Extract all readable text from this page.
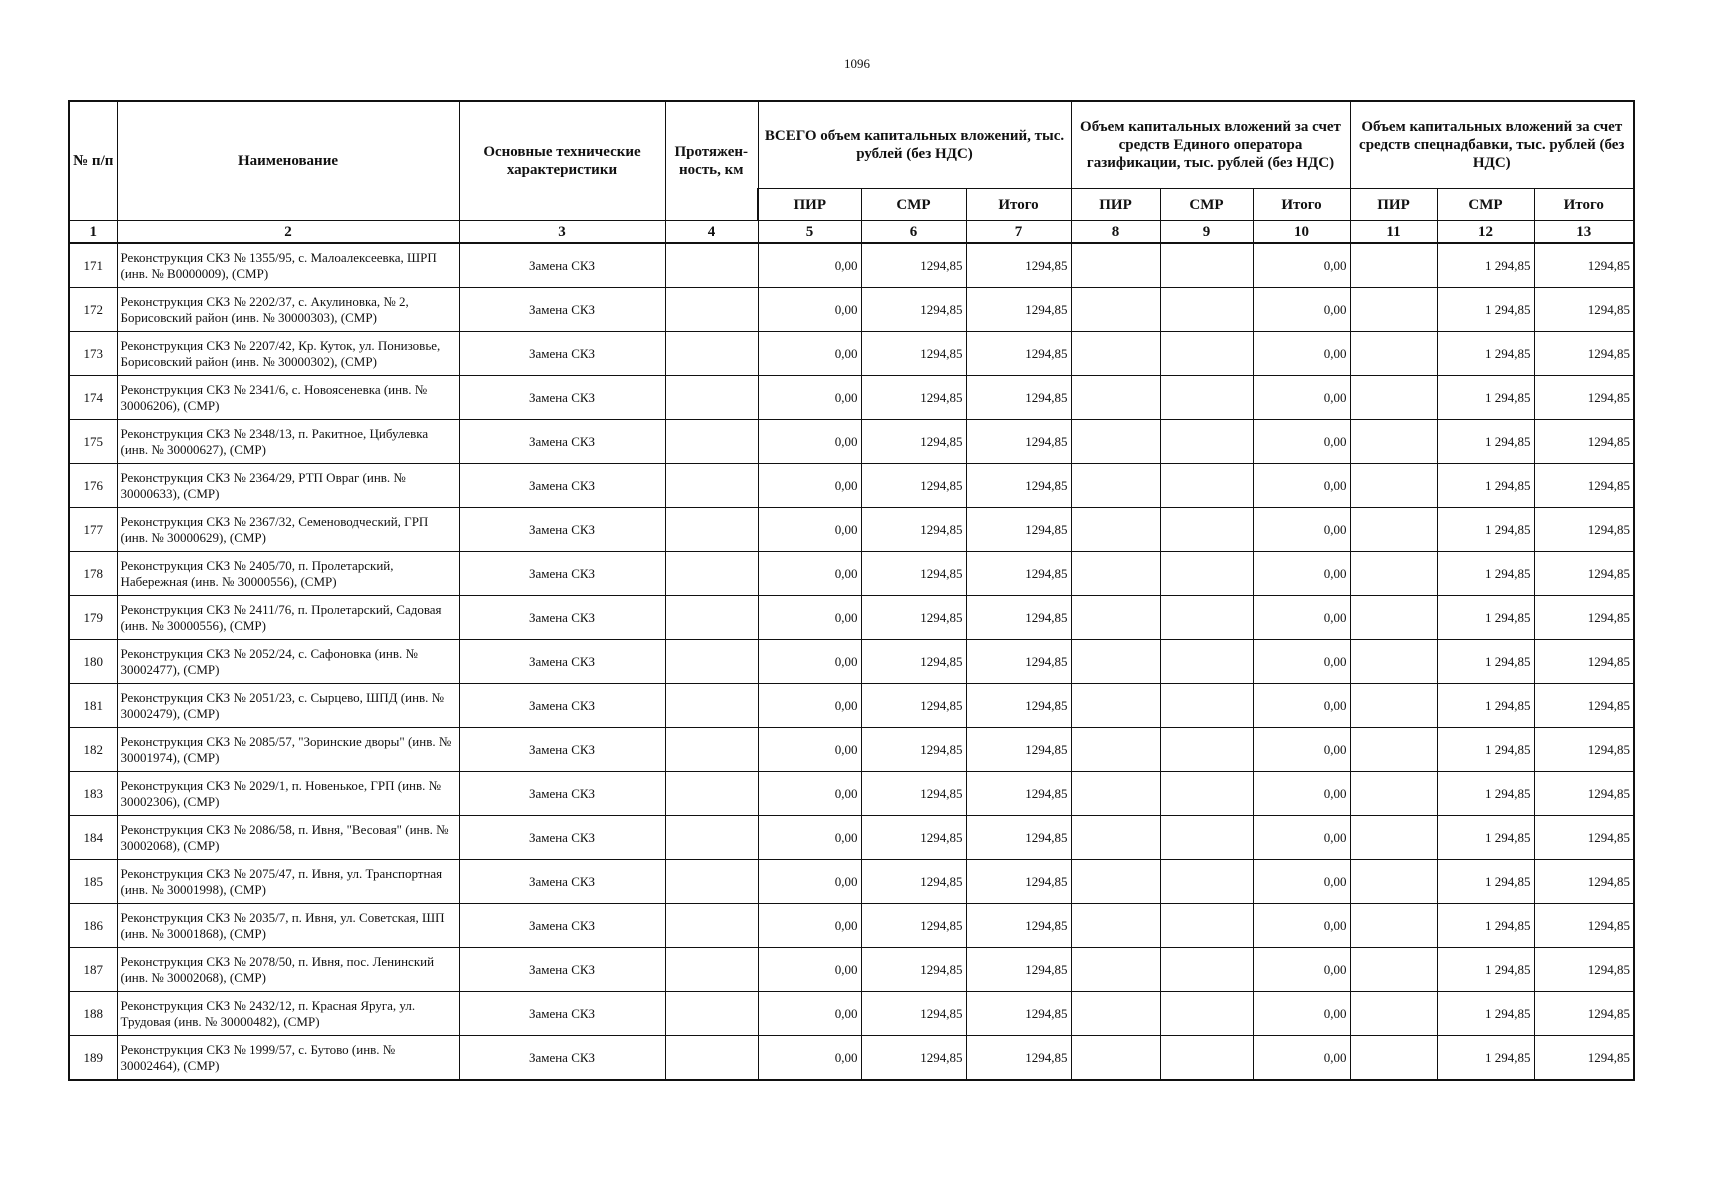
1096
№ п/п	Наименование	Основные технические характеристики	Протяжен-ность, км	ВСЕГО объем капитальных вложений, тыс. рублей (без НДС)			Объем капитальных вложений за счет средств Единого оператора газификации, тыс. рублей (без НДС)			Объем капитальных вложений за счет средств спецнадбавки, тыс. рублей (без НДС)		
				ПИР	СМР	Итого	ПИР	СМР	Итого	ПИР	СМР	Итого
1	2	3	4	5	6	7	8	9	10	11	12	13
171	Реконструкция СКЗ № 1355/95, с. Малоалексеевка, ШРП (инв. № В0000009), (СМР)	Замена СКЗ		0,00	1294,85	1294,85			0,00		1 294,85	1294,85
172	Реконструкция СКЗ № 2202/37, с. Акулиновка, № 2, Борисовский район (инв. № 30000303), (СМР)	Замена СКЗ		0,00	1294,85	1294,85			0,00		1 294,85	1294,85
173	Реконструкция СКЗ № 2207/42, Кр. Куток, ул. Понизовье, Борисовский район (инв. № 30000302), (СМР)	Замена СКЗ		0,00	1294,85	1294,85			0,00		1 294,85	1294,85
174	Реконструкция СКЗ № 2341/6, с. Новоясеневка (инв. № 30006206), (СМР)	Замена СКЗ		0,00	1294,85	1294,85			0,00		1 294,85	1294,85
175	Реконструкция СКЗ № 2348/13, п. Ракитное, Цибулевка (инв. № 30000627), (СМР)	Замена СКЗ		0,00	1294,85	1294,85			0,00		1 294,85	1294,85
176	Реконструкция СКЗ № 2364/29, РТП Овраг (инв. № 30000633), (СМР)	Замена СКЗ		0,00	1294,85	1294,85			0,00		1 294,85	1294,85
177	Реконструкция СКЗ № 2367/32, Семеноводческий, ГРП (инв. № 30000629), (СМР)	Замена СКЗ		0,00	1294,85	1294,85			0,00		1 294,85	1294,85
178	Реконструкция СКЗ № 2405/70, п. Пролетарский, Набережная (инв. № 30000556), (СМР)	Замена СКЗ		0,00	1294,85	1294,85			0,00		1 294,85	1294,85
179	Реконструкция СКЗ № 2411/76, п. Пролетарский, Садовая (инв. № 30000556), (СМР)	Замена СКЗ		0,00	1294,85	1294,85			0,00		1 294,85	1294,85
180	Реконструкция СКЗ № 2052/24, с. Сафоновка (инв. № 30002477), (СМР)	Замена СКЗ		0,00	1294,85	1294,85			0,00		1 294,85	1294,85
181	Реконструкция СКЗ № 2051/23, с. Сырцево, ШПД (инв. № 30002479), (СМР)	Замена СКЗ		0,00	1294,85	1294,85			0,00		1 294,85	1294,85
182	Реконструкция СКЗ № 2085/57, "Зоринские дворы" (инв. № 30001974), (СМР)	Замена СКЗ		0,00	1294,85	1294,85			0,00		1 294,85	1294,85
183	Реконструкция СКЗ № 2029/1, п. Новенькое, ГРП (инв. № 30002306), (СМР)	Замена СКЗ		0,00	1294,85	1294,85			0,00		1 294,85	1294,85
184	Реконструкция СКЗ № 2086/58, п. Ивня, "Весовая" (инв. № 30002068), (СМР)	Замена СКЗ		0,00	1294,85	1294,85			0,00		1 294,85	1294,85
185	Реконструкция СКЗ № 2075/47, п. Ивня, ул. Транспортная (инв. № 30001998), (СМР)	Замена СКЗ		0,00	1294,85	1294,85			0,00		1 294,85	1294,85
186	Реконструкция СКЗ № 2035/7, п. Ивня, ул. Советская, ШП (инв. № 30001868), (СМР)	Замена СКЗ		0,00	1294,85	1294,85			0,00		1 294,85	1294,85
187	Реконструкция СКЗ № 2078/50, п. Ивня, пос. Ленинский (инв. № 30002068), (СМР)	Замена СКЗ		0,00	1294,85	1294,85			0,00		1 294,85	1294,85
188	Реконструкция СКЗ № 2432/12, п. Красная Яруга, ул. Трудовая (инв. № 30000482), (СМР)	Замена СКЗ		0,00	1294,85	1294,85			0,00		1 294,85	1294,85
189	Реконструкция СКЗ № 1999/57, с. Бутово (инв. № 30002464), (СМР)	Замена СКЗ		0,00	1294,85	1294,85			0,00		1 294,85	1294,85
